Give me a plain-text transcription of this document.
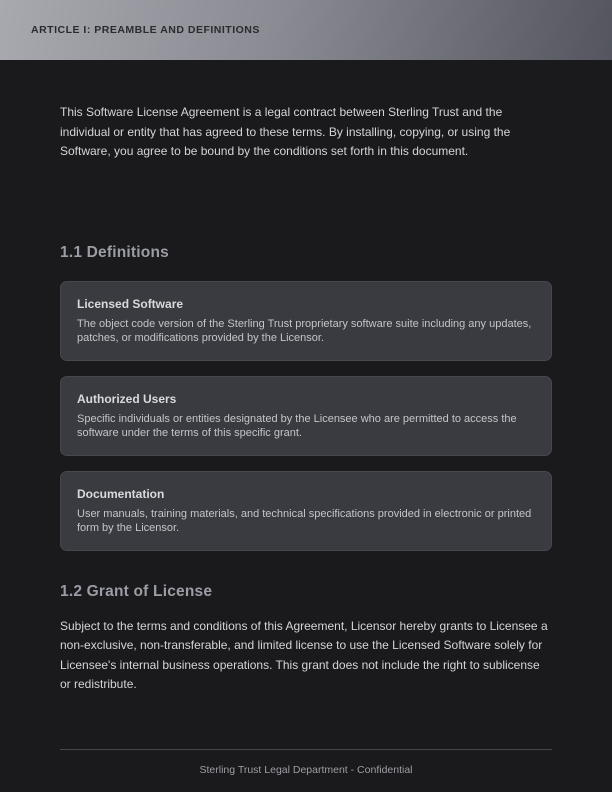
ARTICLE I: PREAMBLE AND DEFINITIONS

This Software License Agreement is a legal contract between Sterling Trust and the individual or entity that has agreed to these terms. By installing, copying, or using the Software, you agree to be bound by the conditions set forth in this document.

1.1 Definitions
Licensed Software
The object code version of the Sterling Trust proprietary software suite including any updates, patches, or modifications provided by the Licensor.
Authorized Users
Specific individuals or entities designated by the Licensee who are permitted to access the software under the terms of this specific grant.
Documentation
User manuals, training materials, and technical specifications provided in electronic or printed form by the Licensor.
1.2 Grant of License

Subject to the terms and conditions of this Agreement, Licensor hereby grants to Licensee a non-exclusive, non-transferable, and limited license to use the Licensed Software solely for Licensee's internal business operations. This grant does not include the right to sublicense or redistribute.

Sterling Trust Legal Department - Confidential
